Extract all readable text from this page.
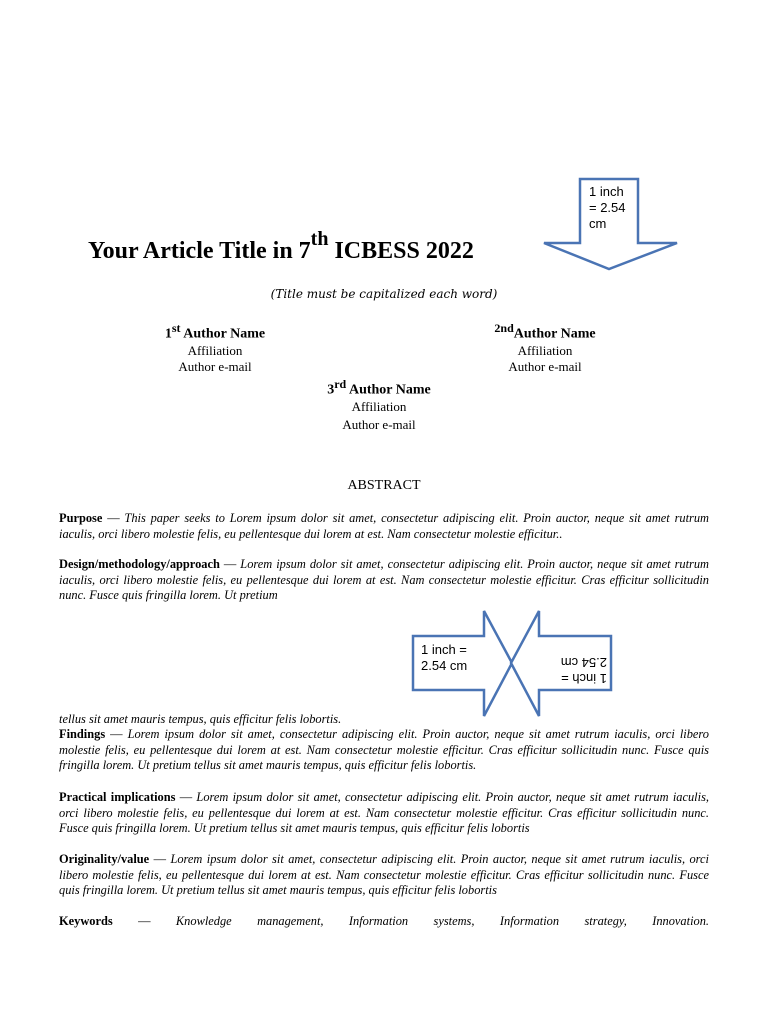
1 inch
= 2.54
cm
Your Article Title in 7th ICBESS 2022
(Title must be capitalized each word)
1st Author Name
Affiliation
Author e-mail
$^{2nd}$Author Name
Affiliation
Author e-mail
3rd Author Name
Affiliation
Author e-mail
ABSTRACT
Purpose — This paper seeks to Lorem ipsum dolor sit amet, consectetur adipiscing elit. Proin auctor, neque sit amet rutrum iaculis, orci libero molestie felis, eu pellentesque dui lorem at est. Nam consectetur molestie efficitur..
Design/methodology/approach — Lorem ipsum dolor sit amet, consectetur adipiscing elit. Proin auctor, neque sit amet rutrum iaculis, orci libero molestie felis, eu pellentesque dui lorem at est. Nam consectetur molestie efficitur. Cras efficitur sollicitudin nunc. Fusce quis fringilla lorem. Ut pretium
1 inch =
2.54 cm
1 inch =
2.54 cm
tellus sit amet mauris tempus, quis efficitur felis lobortis.
Findings — Lorem ipsum dolor sit amet, consectetur adipiscing elit. Proin auctor, neque sit amet rutrum iaculis, orci libero molestie felis, eu pellentesque dui lorem at est. Nam consectetur molestie efficitur. Cras efficitur sollicitudin nunc. Fusce quis fringilla lorem. Ut pretium tellus sit amet mauris tempus, quis efficitur felis lobortis.
Practical implications — Lorem ipsum dolor sit amet, consectetur adipiscing elit. Proin auctor, neque sit amet rutrum iaculis, orci libero molestie felis, eu pellentesque dui lorem at est. Nam consectetur molestie efficitur. Cras efficitur sollicitudin nunc. Fusce quis fringilla lorem. Ut pretium tellus sit amet mauris tempus, quis efficitur felis lobortis
Originality/value — Lorem ipsum dolor sit amet, consectetur adipiscing elit. Proin auctor, neque sit amet rutrum iaculis, orci libero molestie felis, eu pellentesque dui lorem at est. Nam consectetur molestie efficitur. Cras efficitur sollicitudin nunc. Fusce quis fringilla lorem. Ut pretium tellus sit amet mauris tempus, quis efficitur felis lobortis
Keywords — Knowledge management, Information systems, Information strategy, Innovation.
